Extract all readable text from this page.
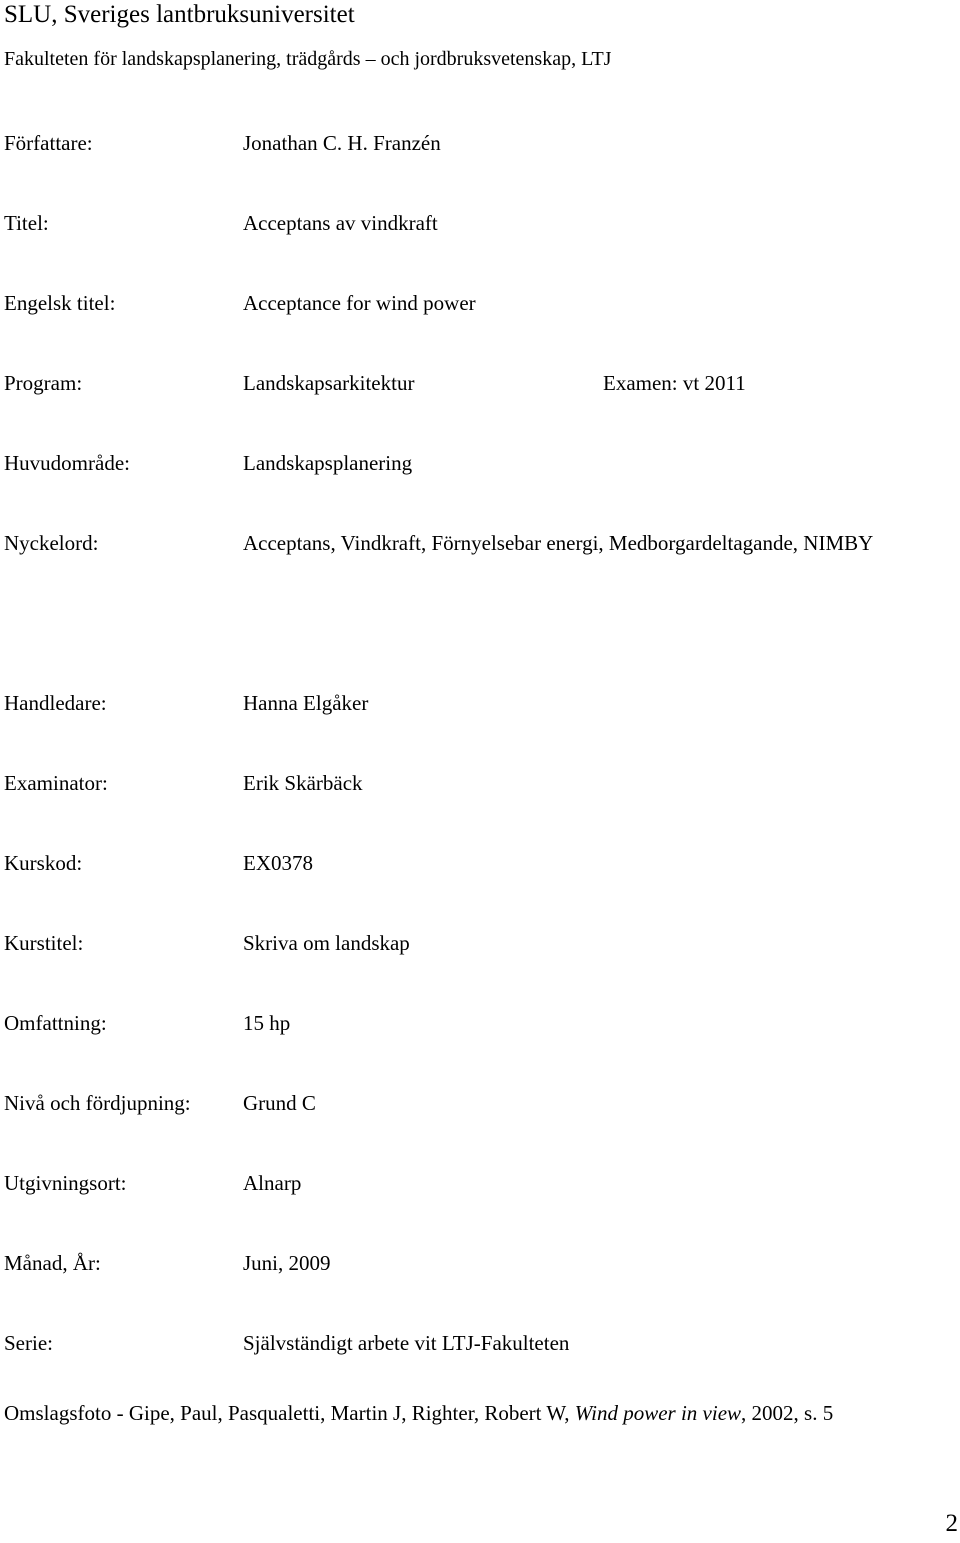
SLU, Sveriges lantbruksuniversitet
Fakulteten för landskapsplanering, trädgårds – och jordbruksvetenskap, LTJ
Författare:	Jonathan C. H. Franzén
Titel:	Acceptans av vindkraft
Engelsk titel:	Acceptance for wind power
Program:	Landskapsarkitektur	Examen: vt 2011
Huvudområde:	Landskapsplanering
Nyckelord:	Acceptans, Vindkraft, Förnyelsebar energi, Medborgardeltagande, NIMBY
Handledare:	Hanna Elgåker
Examinator:	Erik Skärbäck
Kurskod:	EX0378
Kurstitel:	Skriva om landskap
Omfattning:	15 hp
Nivå och fördjupning: Grund C
Utgivningsort:	Alnarp
Månad, År:	Juni, 2009
Serie:	Självständigt arbete vit LTJ-Fakulteten
Omslagsfoto - Gipe, Paul, Pasqualetti, Martin J, Righter, Robert W, Wind power in view, 2002, s. 5
2
